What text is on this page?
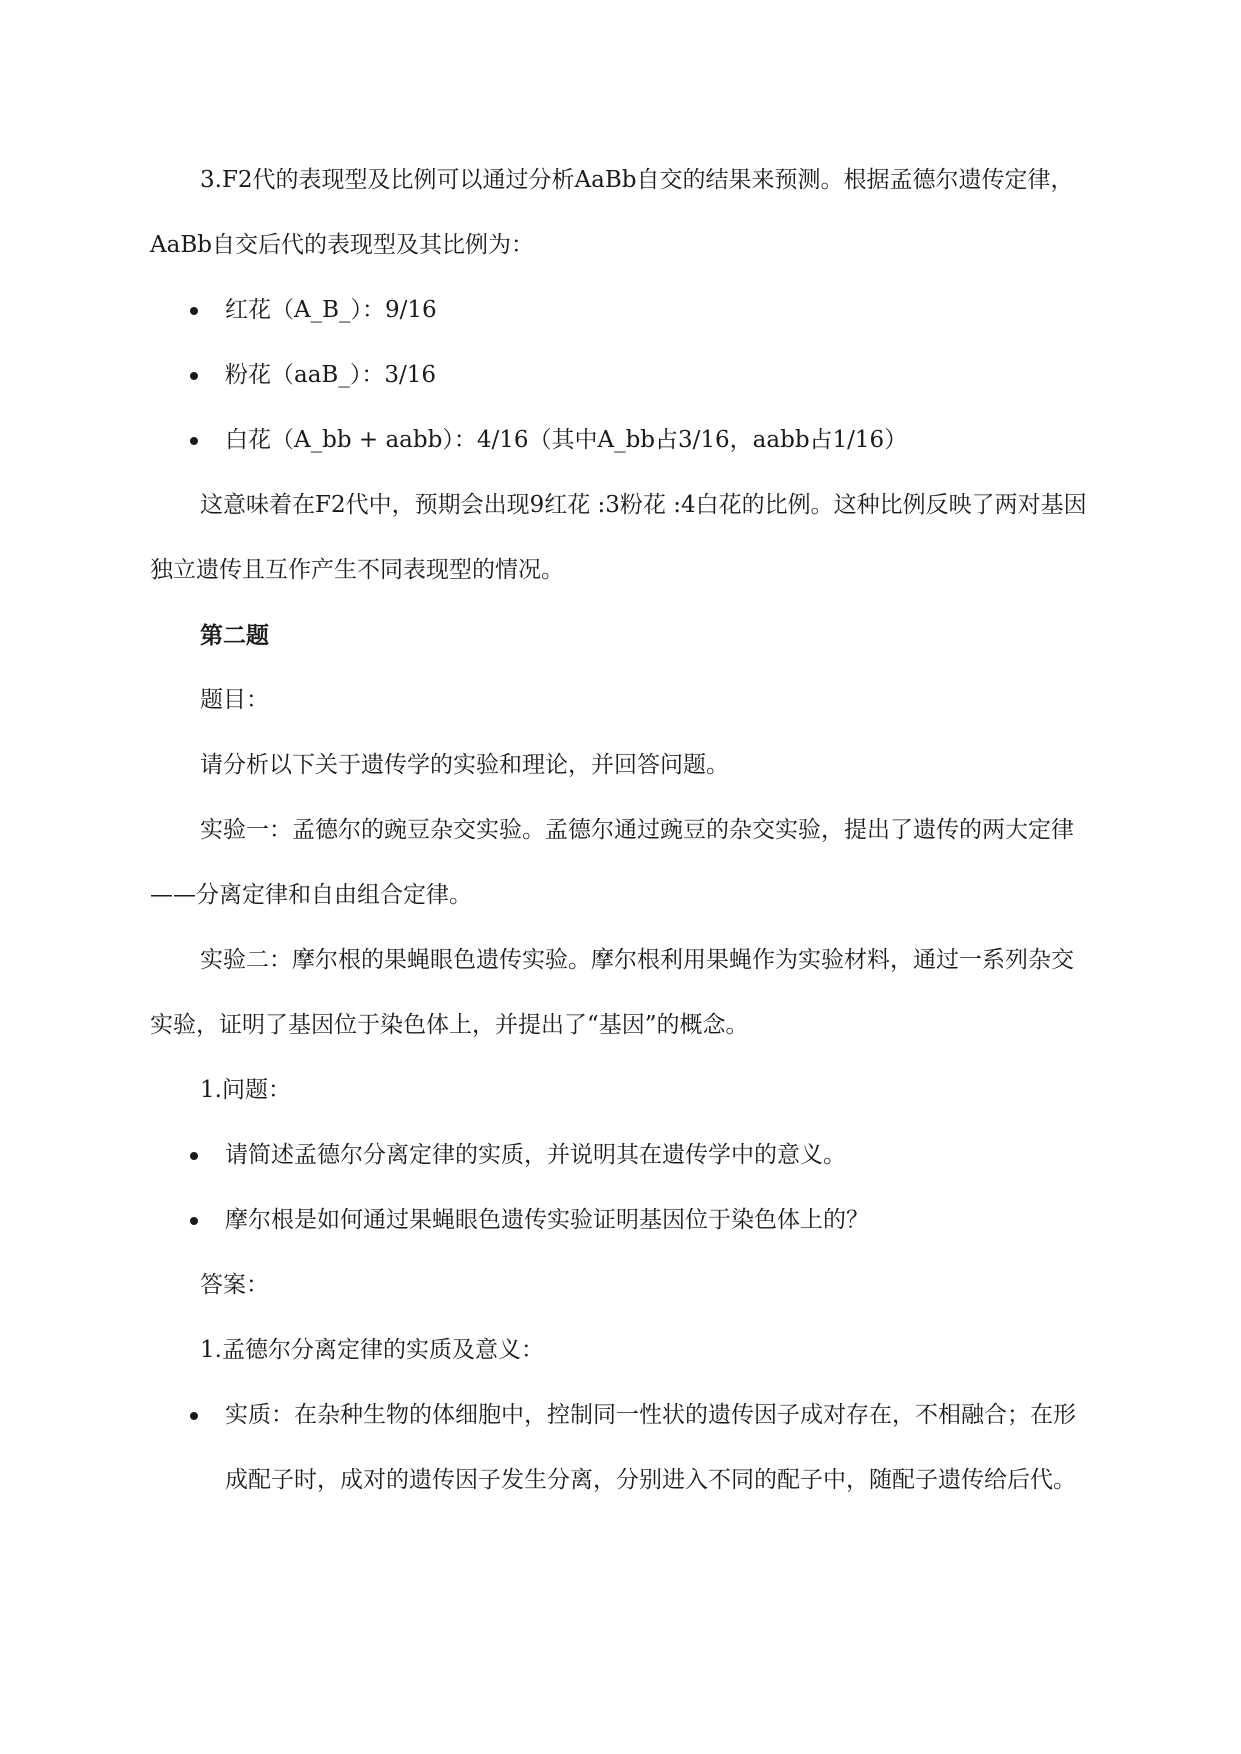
3.F2代的表现型及比例可以通过分析AaBb自交的结果来预测。根据孟德尔遗传定律，AaBb自交后代的表现型及其比例为：

红花（A_B_）：9/16
粉花（aaB_）：3/16
白花（A_bb + aabb）：4/16（其中A_bb占3/16，aabb占1/16）

这意味着在F2代中，预期会出现9红花 :3粉花 :4白花的比例。这种比例反映了两对基因独立遗传且互作产生不同表现型的情况。

第二题

题目：

请分析以下关于遗传学的实验和理论，并回答问题。

实验一：孟德尔的豌豆杂交实验。孟德尔通过豌豆的杂交实验，提出了遗传的两大定律——分离定律和自由组合定律。

实验二：摩尔根的果蝇眼色遗传实验。摩尔根利用果蝇作为实验材料，通过一系列杂交实验，证明了基因位于染色体上，并提出了“基因”的概念。

1.问题：

请简述孟德尔分离定律的实质，并说明其在遗传学中的意义。
摩尔根是如何通过果蝇眼色遗传实验证明基因位于染色体上的？

答案：

1.孟德尔分离定律的实质及意义：

实质：在杂种生物的体细胞中，控制同一性状的遗传因子成对存在，不相融合；在形成配子时，成对的遗传因子发生分离，分别进入不同的配子中，随配子遗传给后代。
